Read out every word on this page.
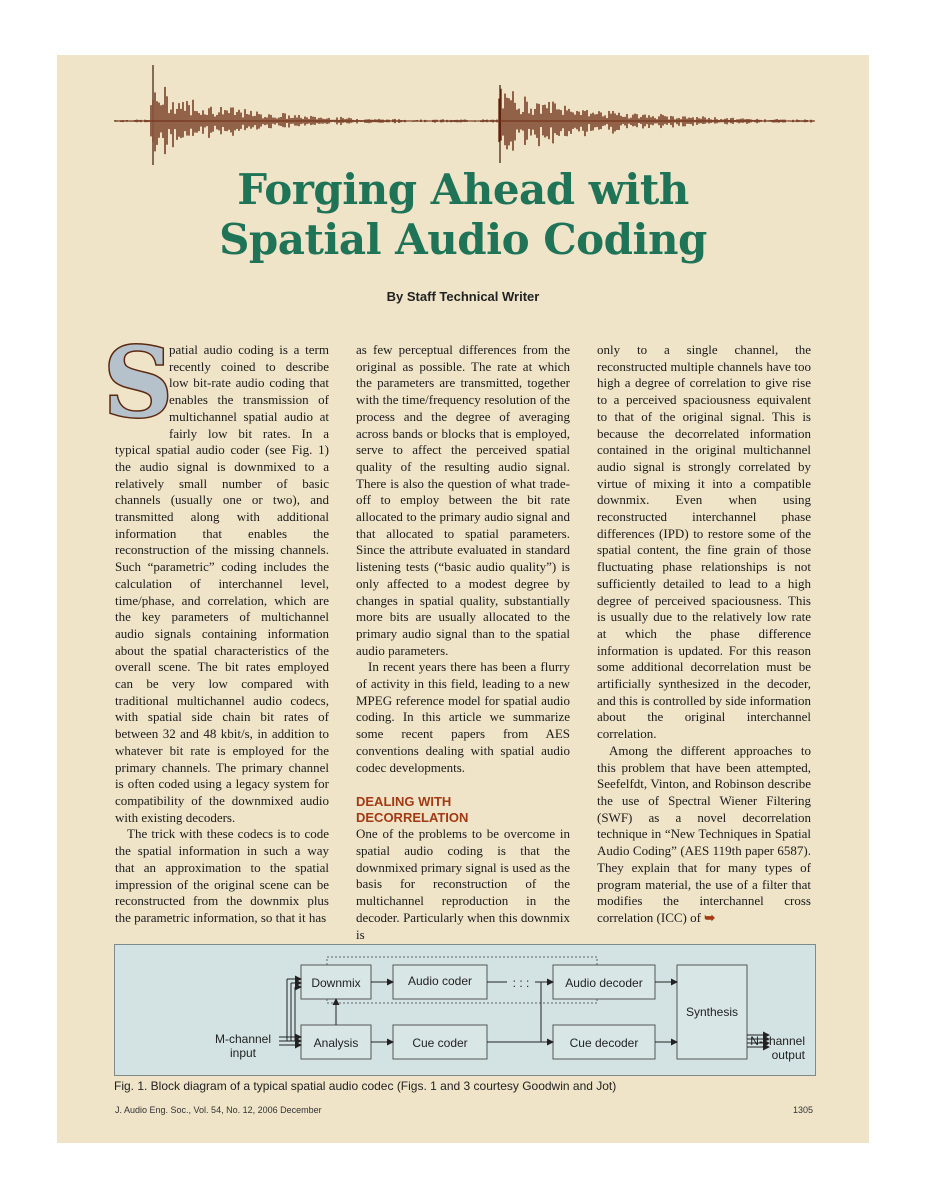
Forging Ahead with
Spatial Audio Coding
By Staff Technical Writer
S

patial audio coding is a term recently coined to describe low bit-rate audio coding that enables the transmission of multichannel spatial audio at fairly low bit rates. In a typical spatial audio coder (see Fig. 1) the audio signal is downmixed to a relatively small number of basic channels (usually one or two), and transmitted along with additional information that enables the reconstruction of the missing channels. Such “parametric” coding includes the calculation of interchannel level, time/phase, and correlation, which are the key parameters of multichannel audio signals containing information about the spatial characteristics of the overall scene. The bit rates employed can be very low compared with traditional multichannel audio codecs, with spatial side chain bit rates of between 32 and 48 kbit/s, in addition to whatever bit rate is employed for the primary channels. The primary channel is often coded using a legacy system for compatibility of the downmixed audio with existing decoders.

The trick with these codecs is to code the spatial information in such a way that an approximation to the spatial impression of the original scene can be reconstructed from the downmix plus the parametric information, so that it has

as few perceptual differences from the original as possible. The rate at which the parameters are transmitted, together with the time/frequency resolution of the process and the degree of averaging across bands or blocks that is employed, serve to affect the perceived spatial quality of the resulting audio signal. There is also the question of what trade-off to employ between the bit rate allocated to the primary audio signal and that allocated to spatial parameters. Since the attribute evaluated in standard listening tests (“basic audio quality”) is only affected to a modest degree by changes in spatial quality, substantially more bits are usually allocated to the primary audio signal than to the spatial audio parameters.

In recent years there has been a flurry of activity in this field, leading to a new MPEG reference model for spatial audio coding. In this article we summarize some recent papers from AES conventions dealing with spatial audio codec developments.

DEALING WITH
DECORRELATION

One of the problems to be overcome in spatial audio coding is that the downmixed primary signal is used as the basis for reconstruction of the multichannel reproduction in the decoder. Particularly when this downmix is

only to a single channel, the reconstructed multiple channels have too high a degree of correlation to give rise to a perceived spaciousness equivalent to that of the original signal. This is because the decorrelated information contained in the original multichannel audio signal is strongly correlated by virtue of mixing it into a compatible downmix. Even when using reconstructed interchannel phase differences (IPD) to restore some of the spatial content, the fine grain of those fluctuating phase relationships is not sufficiently detailed to lead to a high degree of perceived spaciousness. This is usually due to the relatively low rate at which the phase difference information is updated. For this reason some additional decorrelation must be artificially synthesized in the decoder, and this is controlled by side information about the original interchannel correlation.

Among the different approaches to this problem that have been attempted, Seefelfdt, Vinton, and Robinson describe the use of Spectral Wiener Filtering (SWF) as a novel decorrelation technique in “New Techniques in Spatial Audio Coding” (AES 119th paper 6587). They explain that for many types of program material, the use of a filter that modifies the interchannel cross correlation (ICC) of ➥

Downmix
Analysis
Audio coder
Cue coder
Audio decoder
Cue decoder
Synthesis
M-channel
input
N-channel
output
: : :
Fig. 1. Block diagram of a typical spatial audio codec (Figs. 1 and 3 courtesy Goodwin and Jot)
J. Audio Eng. Soc., Vol. 54, No. 12, 2006 December	1305
